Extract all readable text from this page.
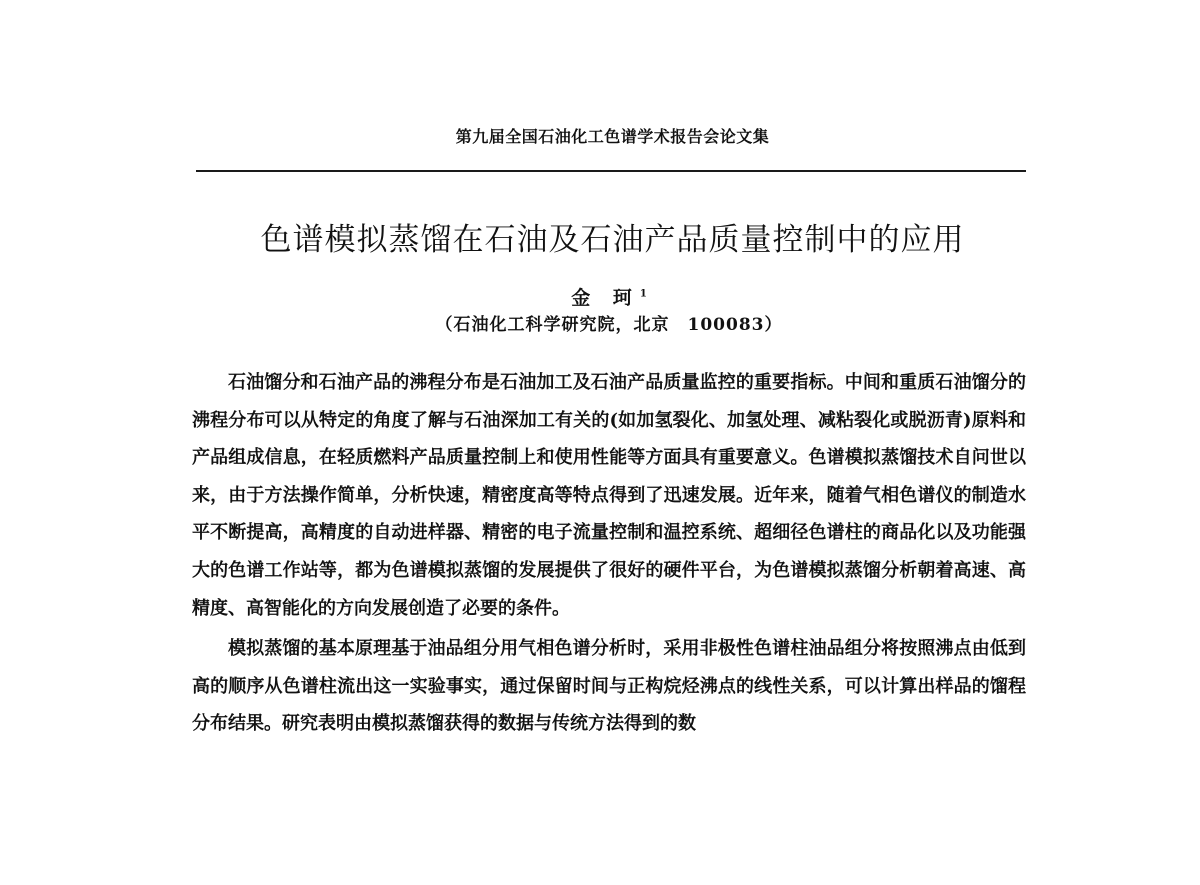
第九届全国石油化工色谱学术报告会论文集
色谱模拟蒸馏在石油及石油产品质量控制中的应用
金 珂$^1$
（石油化工科学研究院，北京　100083）

石油馏分和石油产品的沸程分布是石油加工及石油产品质量监控的重要指标。中间和重质石油馏分的沸程分布可以从特定的角度了解与石油深加工有关的(如加氢裂化、加氢处理、减粘裂化或脱沥青)原料和产品组成信息，在轻质燃料产品质量控制上和使用性能等方面具有重要意义。色谱模拟蒸馏技术自问世以来，由于方法操作简单，分析快速，精密度高等特点得到了迅速发展。近年来，随着气相色谱仪的制造水平不断提高，高精度的自动进样器、精密的电子流量控制和温控系统、超细径色谱柱的商品化以及功能强大的色谱工作站等，都为色谱模拟蒸馏的发展提供了很好的硬件平台，为色谱模拟蒸馏分析朝着高速、高精度、高智能化的方向发展创造了必要的条件。

模拟蒸馏的基本原理基于油品组分用气相色谱分析时，采用非极性色谱柱油品组分将按照沸点由低到高的顺序从色谱柱流出这一实验事实，通过保留时间与正构烷烃沸点的线性关系，可以计算出样品的馏程分布结果。研究表明由模拟蒸馏获得的数据与传统方法得到的数
